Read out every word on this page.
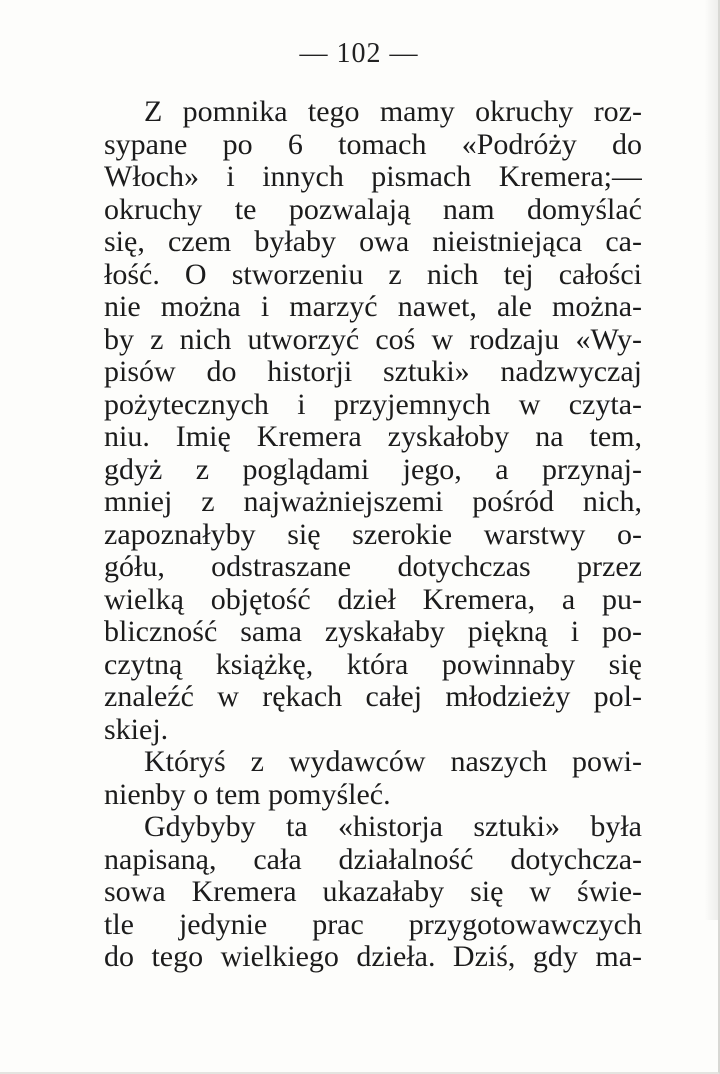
— 102 —
Z pomnika tego mamy okruchy roz-
sypane po 6 tomach «Podróży do
Włoch» i innych pismach Kremera;—
okruchy te pozwalają nam domyślać
się, czem byłaby owa nieistniejąca ca-
łość. O stworzeniu z nich tej całości
nie można i marzyć nawet, ale można-
by z nich utworzyć coś w rodzaju «Wy-
pisów do historji sztuki» nadzwyczaj
pożytecznych i przyjemnych w czyta-
niu. Imię Kremera zyskałoby na tem,
gdyż z poglądami jego, a przynaj-
mniej z najważniejszemi pośród nich,
zapoznałyby się szerokie warstwy o-
gółu, odstraszane dotychczas przez
wielką objętość dzieł Kremera, a pu-
bliczność sama zyskałaby piękną i po-
czytną książkę, która powinnaby się
znaleźć w rękach całej młodzieży pol-
skiej.
Któryś z wydawców naszych powi-
nienby o tem pomyśleć.
Gdybyby ta «historja sztuki» była
napisaną, cała działalność dotychcza-
sowa Kremera ukazałaby się w świe-
tle jedynie prac przygotowawczych
do tego wielkiego dzieła. Dziś, gdy ma-
